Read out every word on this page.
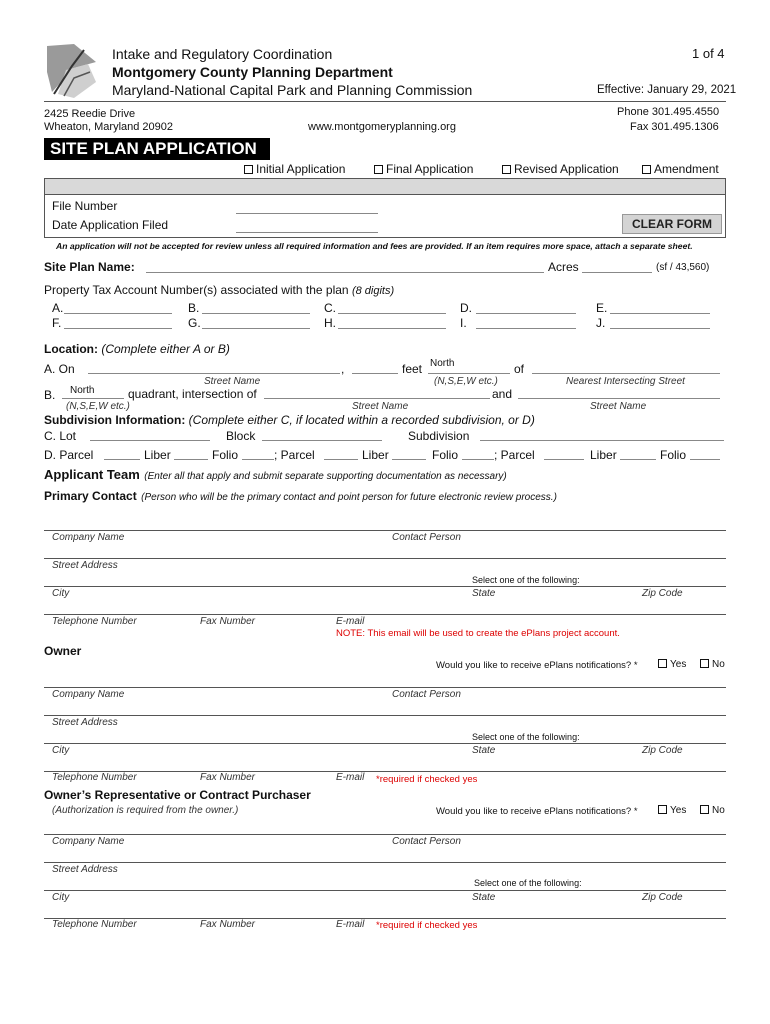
Intake and Regulatory Coordination
Montgomery County Planning Department
Maryland-National Capital Park and Planning Commission
1 of 4
Effective: January 29, 2021
2425 Reedie Drive
Wheaton, Maryland 20902	www.montgomeryplanning.org
Phone 301.495.4550
Fax 301.495.1306
SITE PLAN APPLICATION
Initial Application	Final Application	Revised Application	Amendment
File Number
Date Application Filed	CLEAR FORM
An application will not be accepted for review unless all required information and fees are provided. If an item requires more space, attach a separate sheet.
Site Plan Name:	Acres	(sf / 43,560)
Property Tax Account Number(s) associated with the plan (8 digits)
A.	B.	C.	D.	E.
F.	G.	H.	I.	J.
Location: (Complete either A or B)
A. On	,	feet North	of
Street Name	(N,S,E,W etc.)	Nearest Intersecting Street
B. North	quadrant, intersection of	and
(N,S,E,W etc.)	Street Name	Street Name
Subdivision Information: (Complete either C, if located within a recorded subdivision, or D)
C. Lot	Block	Subdivision
D. Parcel	Liber	Folio	; Parcel	Liber	Folio	; Parcel	Liber	Folio
Applicant Team (Enter all that apply and submit separate supporting documentation as necessary)
Primary Contact (Person who will be the primary contact and point person for future electronic review process.)
Company Name	Contact Person
Street Address
Select one of the following:
City	State	Zip Code
Telephone Number	Fax Number	E-mail
NOTE: This email will be used to create the ePlans project account.
Owner
Would you like to receive ePlans notifications? *	Yes	No
Company Name	Contact Person
Street Address
Select one of the following:
City	State	Zip Code
Telephone Number	Fax Number	E-mail *required if checked yes
Owner’s Representative or Contract Purchaser
(Authorization is required from the owner.)	Would you like to receive ePlans notifications? *	Yes	No
Company Name	Contact Person
Street Address
Select one of the following:
City	State	Zip Code
Telephone Number	Fax Number	E-mail *required if checked yes
